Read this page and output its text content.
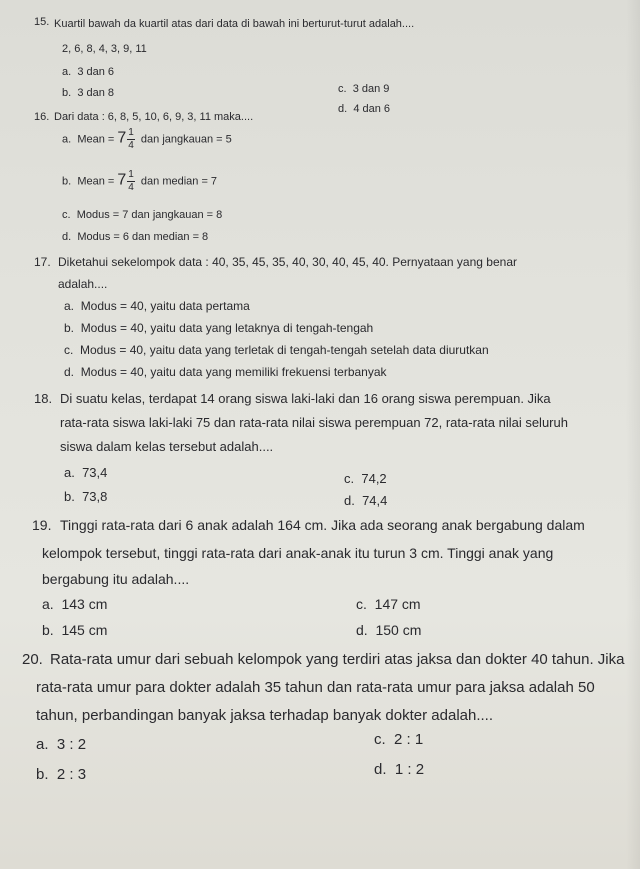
15. Kuartil bawah da kuartil atas dari data di bawah ini berturut-turut adalah....
2, 6, 8, 4, 3, 9, 11
a. 3 dan 6
b. 3 dan 8	c. 3 dan 9
d. 4 dan 6
16. Dari data : 6, 8, 5, 10, 6, 9, 3, 11 maka....
a. Mean = $7 \frac{1}{4}$ dan jangkauan = 5
b. Mean = $7 \frac{1}{4}$ dan median = 7
c. Modus = 7 dan jangkauan = 8
d. Modus = 6 dan median = 8
17. Diketahui sekelompok data : 40, 35, 45, 35, 40, 30, 40, 45, 40. Pernyataan yang benar
adalah....
a. Modus = 40, yaitu data pertama
b. Modus = 40, yaitu data yang letaknya di tengah-tengah
c. Modus = 40, yaitu data yang terletak di tengah-tengah setelah data diurutkan
d. Modus = 40, yaitu data yang memiliki frekuensi terbanyak
18. Di suatu kelas, terdapat 14 orang siswa laki-laki dan 16 orang siswa perempuan. Jika
rata-rata siswa laki-laki 75 dan rata-rata nilai siswa perempuan 72, rata-rata nilai seluruh
siswa dalam kelas tersebut adalah....
a. 73,4
b. 73,8
c. 74,2
d. 74,4
19. Tinggi rata-rata dari 6 anak adalah 164 cm. Jika ada seorang anak bergabung dalam
kelompok tersebut, tinggi rata-rata dari anak-anak itu turun 3 cm. Tinggi anak yang
bergabung itu adalah....
a. 143 cm
b. 145 cm
c. 147 cm
d. 150 cm
20. Rata-rata umur dari sebuah kelompok yang terdiri atas jaksa dan dokter 40 tahun. Jika
rata-rata umur para dokter adalah 35 tahun dan rata-rata umur para jaksa adalah 50
tahun, perbandingan banyak jaksa terhadap banyak dokter adalah....
a. 3 : 2
b. 2 : 3
c. 2 : 1
d. 1 : 2
